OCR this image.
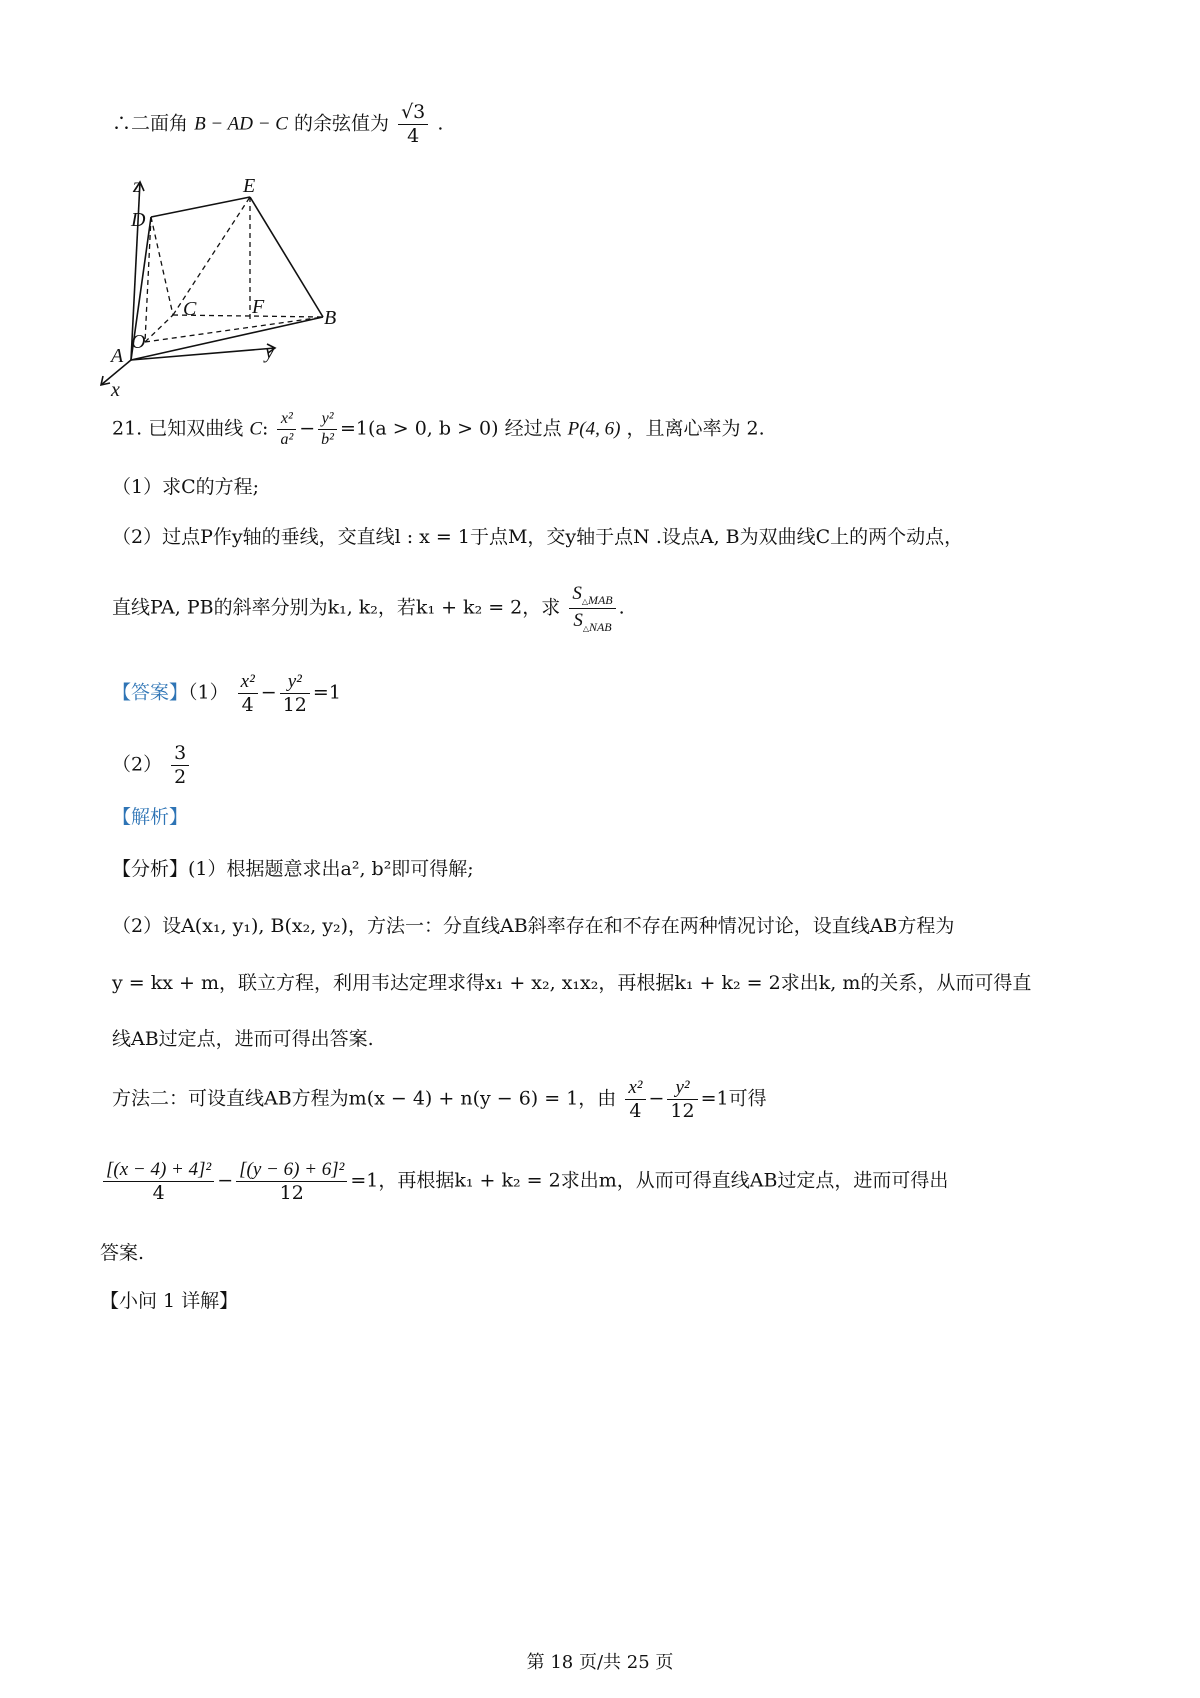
∴二面角 B − AD − C 的余弦值为 $\frac{√3}{4}$ .
z	E
D
C	F	B
O
A	y
x
21. 已知双曲线 C: $\frac{\text{x²}}{\text{a²}} - \frac{\text{y²}}{\text{b²}} =1(a > 0$, b > 0) 经过点 P(4, 6) ，且离心率为 2.
（1）求C的方程;
（2）过点P作y轴的垂线，交直线l : x = 1于点M，交y轴于点N .设点A, B为双曲线C上的两个动点，
直线PA, PB的斜率分别为k₁, k₂，若k₁ + k₂ = 2，求 $\frac{S_{\triangle MAB}}{S_{\triangle NAB}}$ .
【答案】$(1) \frac{\text{x²}}{4} - \frac{\text{y²}}{12} =1$
$(2) \frac{3}{2}$
【解析】
【分析】(1）根据题意求出a², b²即可得解;
（2）设A(x₁, y₁), B(x₂, y₂)，方法一：分直线AB斜率存在和不存在两种情况讨论，设直线AB方程为
y = kx + m，联立方程，利用韦达定理求得x₁ + x₂, x₁x₂，再根据k₁ + k₂ = 2求出k, m的关系，从而可得直
线AB过定点，进而可得出答案.
方法二：可设直线AB方程为m(x − 4) + n(y − 6) = 1，由 $\frac{\text{x²}}{4} - \frac{\text{y²}}{12} =1$可得
$\frac{\text{[(x − 4) + 4]²}}{4} - \frac{\text{[(y − 6) + 6]²}}{12} =1$，再根据k₁ + k₂ = 2求出m，从而可得直线AB过定点，进而可得出
答案.
【小问 1 详解】
第 18 页/共 25 页
